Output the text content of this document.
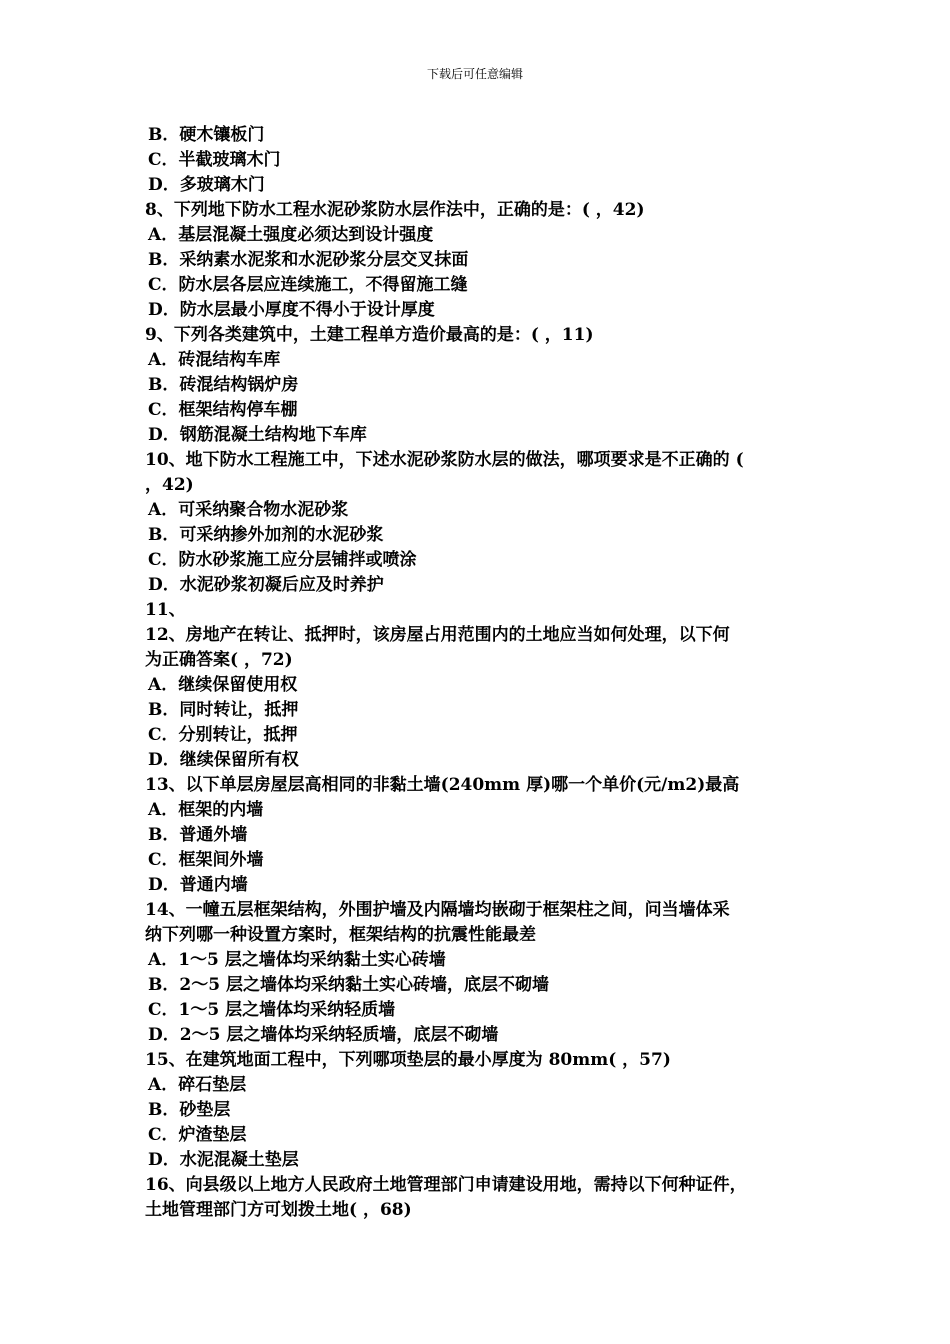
下载后可任意编辑
B．硬木镶板门
C．半截玻璃木门
D．多玻璃木门
8、下列地下防水工程水泥砂浆防水层作法中，正确的是：( ，42)
A．基层混凝土强度必须达到设计强度
B．采纳素水泥浆和水泥砂浆分层交叉抹面
C．防水层各层应连续施工，不得留施工缝
D．防水层最小厚度不得小于设计厚度
9、下列各类建筑中，土建工程单方造价最高的是：( ，11)
A．砖混结构车库
B．砖混结构锅炉房
C．框架结构停车棚
D．钢筋混凝土结构地下车库
10、地下防水工程施工中，下述水泥砂浆防水层的做法，哪项要求是不正确的 (
，42)
A．可采纳聚合物水泥砂浆
B．可采纳掺外加剂的水泥砂浆
C．防水砂浆施工应分层铺拌或喷涂
D．水泥砂浆初凝后应及时养护
11、
12、房地产在转让、抵押时，该房屋占用范围内的土地应当如何处理，以下何
为正确答案( ，72)
A．继续保留使用权
B．同时转让，抵押
C．分别转让，抵押
D．继续保留所有权
13、以下单层房屋层高相同的非黏土墙(240mm 厚)哪一个单价(元/m2)最高
A．框架的内墙
B．普通外墙
C．框架间外墙
D．普通内墙
14、一幢五层框架结构，外围护墙及内隔墙均嵌砌于框架柱之间，问当墙体采
纳下列哪一种设置方案时，框架结构的抗震性能最差
A．1～5 层之墙体均采纳黏土实心砖墙
B．2～5 层之墙体均采纳黏土实心砖墙，底层不砌墙
C．1～5 层之墙体均采纳轻质墙
D．2～5 层之墙体均采纳轻质墙，底层不砌墙
15、在建筑地面工程中，下列哪项垫层的最小厚度为 80mm( ，57)
A．碎石垫层
B．砂垫层
C．炉渣垫层
D．水泥混凝土垫层
16、向县级以上地方人民政府土地管理部门申请建设用地，需持以下何种证件，
土地管理部门方可划拨土地( ，68)
